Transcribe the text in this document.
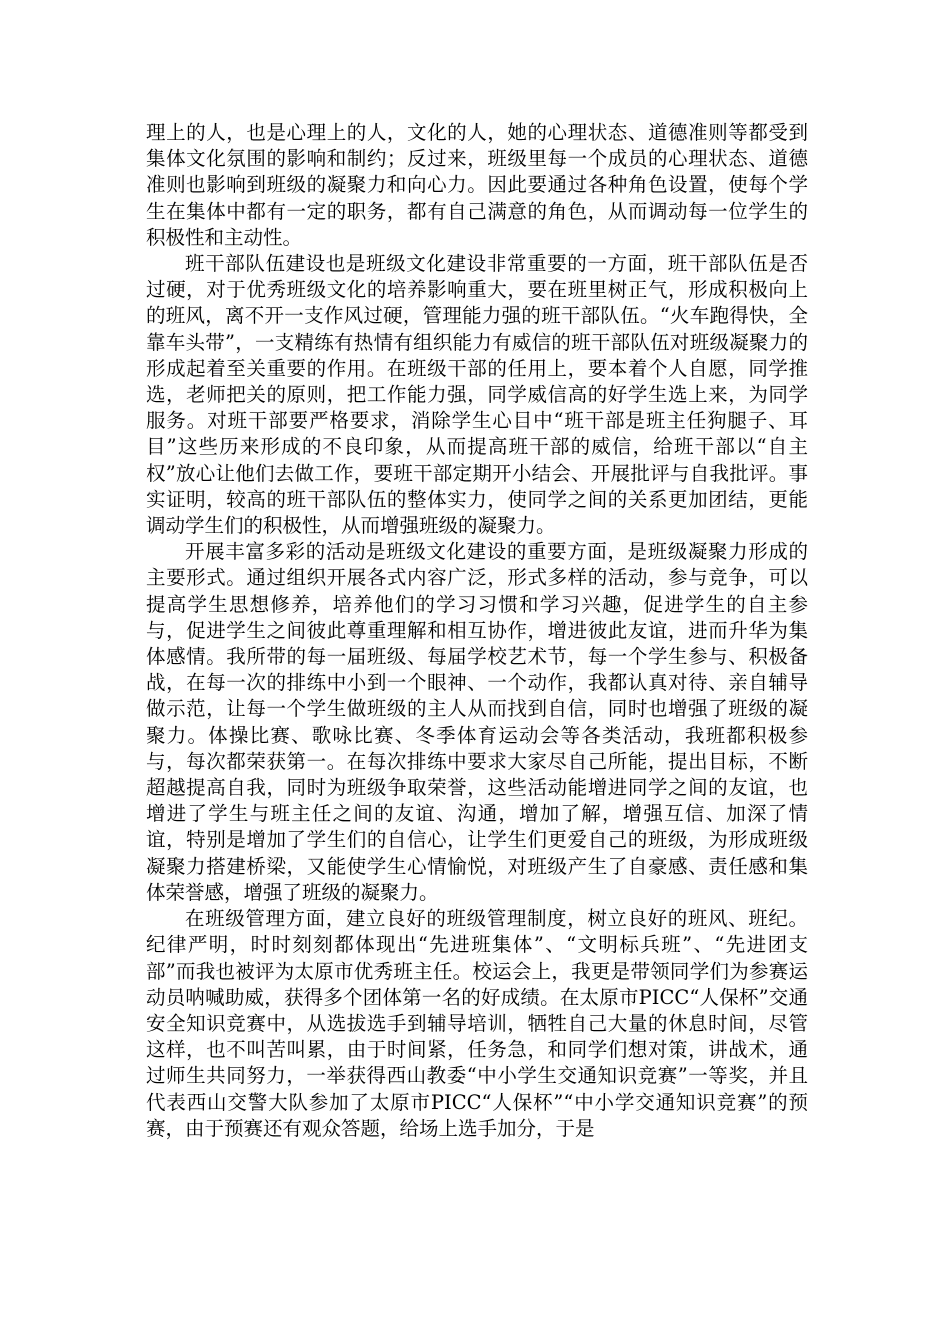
理上的人，也是心理上的人，文化的人，她的心理状态、道德准则等都受到集体文化氛围的影响和制约；反过来，班级里每一个成员的心理状态、道德准则也影响到班级的凝聚力和向心力。因此要通过各种角色设置，使每个学生在集体中都有一定的职务，都有自己满意的角色，从而调动每一位学生的积极性和主动性。

班干部队伍建设也是班级文化建设非常重要的一方面，班干部队伍是否过硬，对于优秀班级文化的培养影响重大，要在班里树正气，形成积极向上的班风，离不开一支作风过硬，管理能力强的班干部队伍。“火车跑得快，全靠车头带”，一支精练有热情有组织能力有威信的班干部队伍对班级凝聚力的形成起着至关重要的作用。在班级干部的任用上，要本着个人自愿，同学推选，老师把关的原则，把工作能力强，同学威信高的好学生选上来，为同学服务。对班干部要严格要求，消除学生心目中“班干部是班主任狗腿子、耳目”这些历来形成的不良印象，从而提高班干部的威信，给班干部以“自主权”放心让他们去做工作，要班干部定期开小结会、开展批评与自我批评。事实证明，较高的班干部队伍的整体实力，使同学之间的关系更加团结，更能调动学生们的积极性，从而增强班级的凝聚力。

开展丰富多彩的活动是班级文化建设的重要方面，是班级凝聚力形成的主要形式。通过组织开展各式内容广泛，形式多样的活动，参与竞争，可以提高学生思想修养，培养他们的学习习惯和学习兴趣，促进学生的自主参与，促进学生之间彼此尊重理解和相互协作，增进彼此友谊，进而升华为集体感情。我所带的每一届班级、每届学校艺术节，每一个学生参与、积极备战，在每一次的排练中小到一个眼神、一个动作，我都认真对待、亲自辅导做示范，让每一个学生做班级的主人从而找到自信，同时也增强了班级的凝聚力。体操比赛、歌咏比赛、冬季体育运动会等各类活动，我班都积极参与，每次都荣获第一。在每次排练中要求大家尽自己所能，提出目标，不断超越提高自我，同时为班级争取荣誉，这些活动能增进同学之间的友谊，也增进了学生与班主任之间的友谊、沟通，增加了解，增强互信、加深了情谊，特别是增加了学生们的自信心，让学生们更爱自己的班级，为形成班级凝聚力搭建桥梁，又能使学生心情愉悦，对班级产生了自豪感、责任感和集体荣誉感，增强了班级的凝聚力。

在班级管理方面，建立良好的班级管理制度，树立良好的班风、班纪。纪律严明，时时刻刻都体现出“先进班集体”、“文明标兵班”、“先进团支部”而我也被评为太原市优秀班主任。校运会上，我更是带领同学们为参赛运动员呐喊助威，获得多个团体第一名的好成绩。在太原市PICC“人保杯”交通安全知识竞赛中，从选拔选手到辅导培训，牺牲自己大量的休息时间，尽管这样，也不叫苦叫累，由于时间紧，任务急，和同学们想对策，讲战术，通过师生共同努力，一举获得西山教委“中小学生交通知识竞赛”一等奖，并且代表西山交警大队参加了太原市PICC“人保杯”“中小学交通知识竞赛”的预赛，由于预赛还有观众答题，给场上选手加分，于是
